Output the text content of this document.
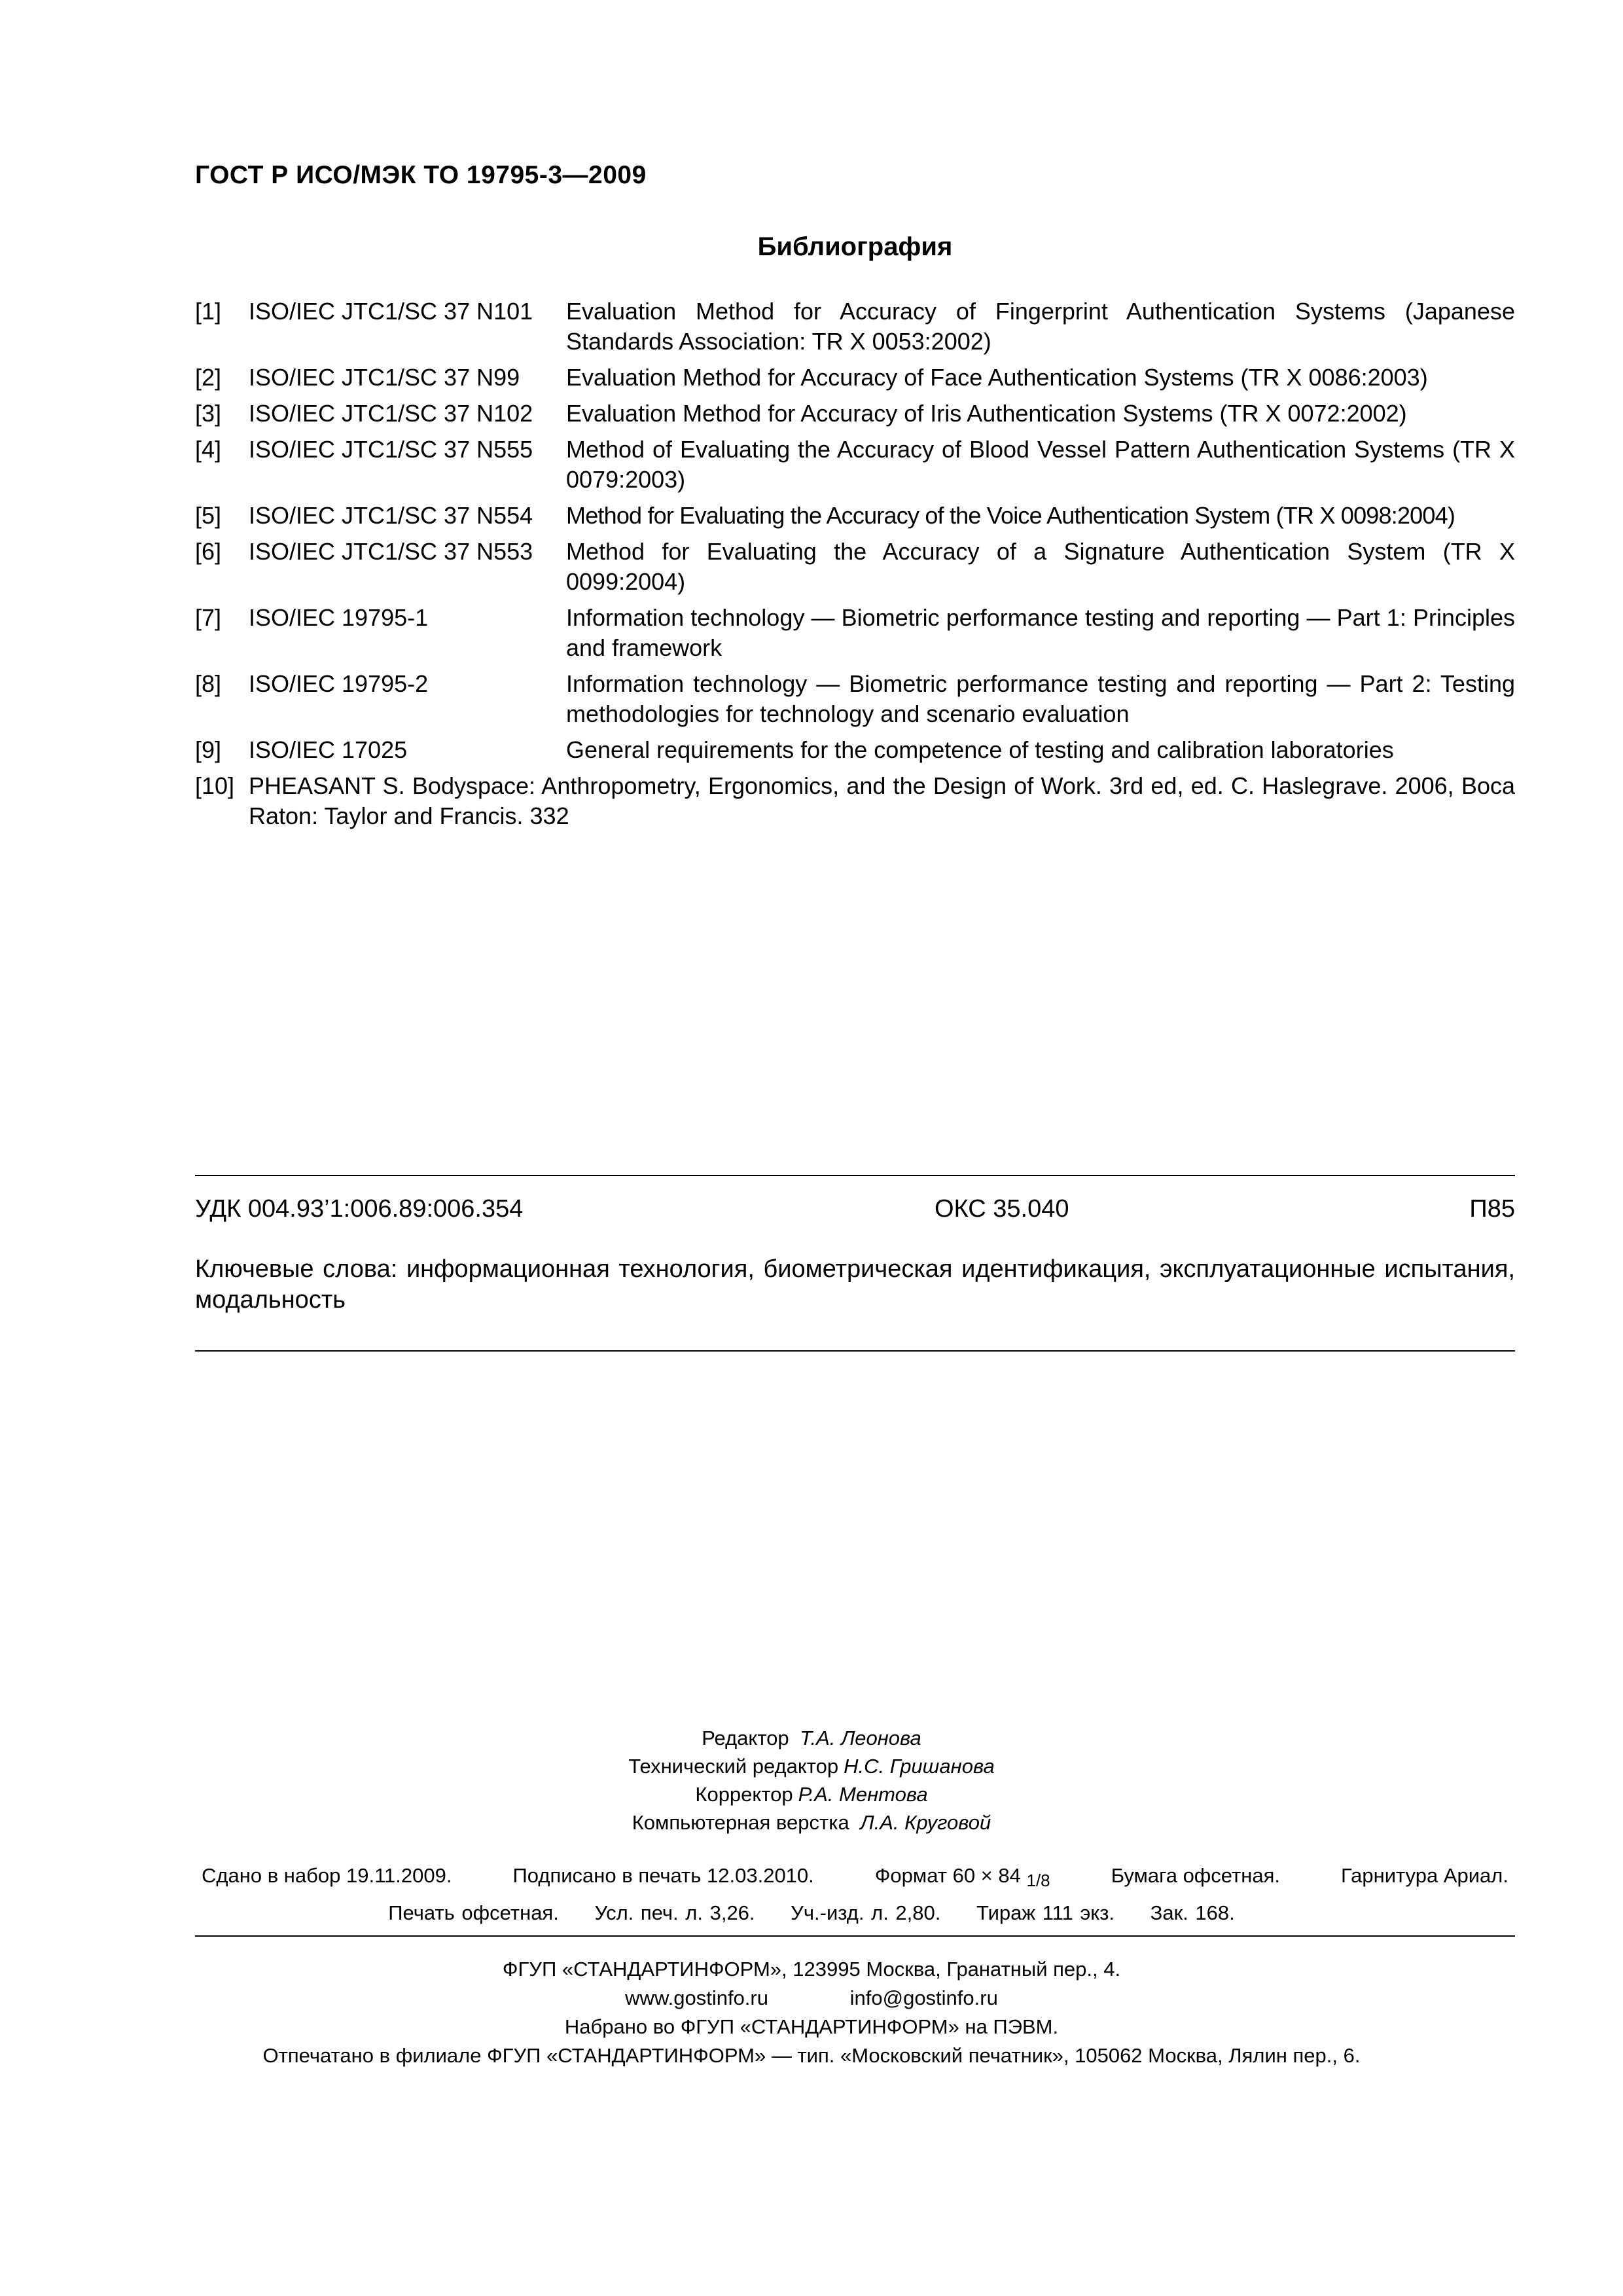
ГОСТ Р ИСО/МЭК ТО 19795-3—2009
Библиография
[1]	ISO/IEC JTC1/SC 37 N101	Evaluation Method for Accuracy of Fingerprint Authentication Systems (Japanese Standards Association: TR X 0053:2002)
[2]	ISO/IEC JTC1/SC 37 N99	Evaluation Method for Accuracy of Face Authentication Systems (TR X 0086:2003)
[3]	ISO/IEC JTC1/SC 37 N102	Evaluation Method for Accuracy of Iris Authentication Systems (TR X 0072:2002)
[4]	ISO/IEC JTC1/SC 37 N555	Method of Evaluating the Accuracy of Blood Vessel Pattern Authentication Systems (TR X 0079:2003)
[5]	ISO/IEC JTC1/SC 37 N554	Method for Evaluating the Accuracy of the Voice Authentication System (TR X 0098:2004)
[6]	ISO/IEC JTC1/SC 37 N553	Method for Evaluating the Accuracy of a Signature Authentication System (TR X 0099:2004)
[7]	ISO/IEC 19795-1	Information technology — Biometric performance testing and reporting — Part 1: Principles and framework
[8]	ISO/IEC 19795-2	Information technology — Biometric performance testing and reporting — Part 2: Testing methodologies for technology and scenario evaluation
[9]	ISO/IEC 17025	General requirements for the competence of testing and calibration laboratories
[10] PHEASANT S. Bodyspace: Anthropometry, Ergonomics, and the Design of Work. 3rd ed, ed. C. Haslegrave. 2006, Boca Raton: Taylor and Francis. 332
УДК 004.93’1:006.89:006.354	ОКС 35.040	П85
Ключевые слова: информационная технология, биометрическая идентификация, эксплуатационные испытания, модальность
Редактор Т.А. Леонова
Технический редактор Н.С. Гришанова
Корректор Р.А. Ментова
Компьютерная верстка Л.А. Круговой
Сдано в набор 19.11.2009.	Подписано в печать 12.03.2010.	Формат 60 × 84 1/8	Бумага офсетная.	Гарнитура Ариал.
Печать офсетная. Усл. печ. л. 3,26. Уч.-изд. л. 2,80. Тираж 111 экз. Зак. 168.
ФГУП «СТАНДАРТИНФОРМ», 123995 Москва, Гранатный пер., 4.
www.gostinfo.ru	info@gostinfo.ru
Набрано во ФГУП «СТАНДАРТИНФОРМ» на ПЭВМ.
Отпечатано в филиале ФГУП «СТАНДАРТИНФОРМ» — тип. «Московский печатник», 105062 Москва, Лялин пер., 6.
